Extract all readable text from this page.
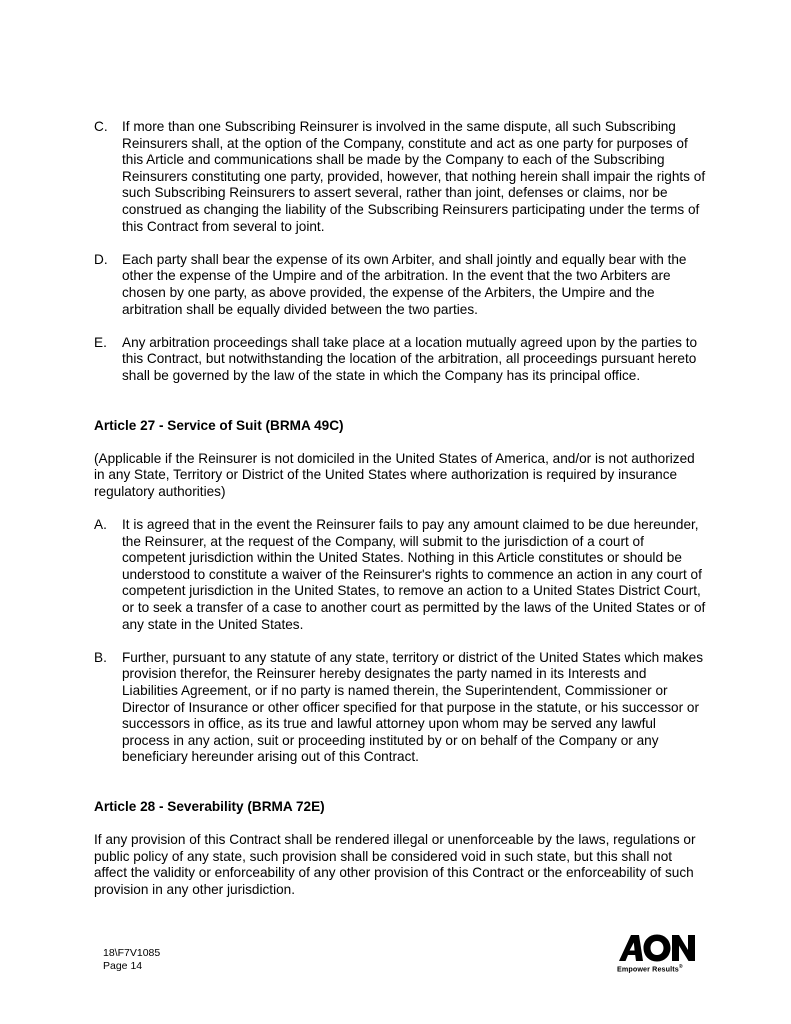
C. If more than one Subscribing Reinsurer is involved in the same dispute, all such Subscribing Reinsurers shall, at the option of the Company, constitute and act as one party for purposes of this Article and communications shall be made by the Company to each of the Subscribing Reinsurers constituting one party, provided, however, that nothing herein shall impair the rights of such Subscribing Reinsurers to assert several, rather than joint, defenses or claims, nor be construed as changing the liability of the Subscribing Reinsurers participating under the terms of this Contract from several to joint.
D. Each party shall bear the expense of its own Arbiter, and shall jointly and equally bear with the other the expense of the Umpire and of the arbitration. In the event that the two Arbiters are chosen by one party, as above provided, the expense of the Arbiters, the Umpire and the arbitration shall be equally divided between the two parties.
E. Any arbitration proceedings shall take place at a location mutually agreed upon by the parties to this Contract, but notwithstanding the location of the arbitration, all proceedings pursuant hereto shall be governed by the law of the state in which the Company has its principal office.
Article 27 - Service of Suit (BRMA 49C)
(Applicable if the Reinsurer is not domiciled in the United States of America, and/or is not authorized in any State, Territory or District of the United States where authorization is required by insurance regulatory authorities)
A. It is agreed that in the event the Reinsurer fails to pay any amount claimed to be due hereunder, the Reinsurer, at the request of the Company, will submit to the jurisdiction of a court of competent jurisdiction within the United States. Nothing in this Article constitutes or should be understood to constitute a waiver of the Reinsurer's rights to commence an action in any court of competent jurisdiction in the United States, to remove an action to a United States District Court, or to seek a transfer of a case to another court as permitted by the laws of the United States or of any state in the United States.
B. Further, pursuant to any statute of any state, territory or district of the United States which makes provision therefor, the Reinsurer hereby designates the party named in its Interests and Liabilities Agreement, or if no party is named therein, the Superintendent, Commissioner or Director of Insurance or other officer specified for that purpose in the statute, or his successor or successors in office, as its true and lawful attorney upon whom may be served any lawful process in any action, suit or proceeding instituted by or on behalf of the Company or any beneficiary hereunder arising out of this Contract.
Article 28 - Severability (BRMA 72E)
If any provision of this Contract shall be rendered illegal or unenforceable by the laws, regulations or public policy of any state, such provision shall be considered void in such state, but this shall not affect the validity or enforceability of any other provision of this Contract or the enforceability of such provision in any other jurisdiction.
18\F7V1085
Page 14	Empower Results®
